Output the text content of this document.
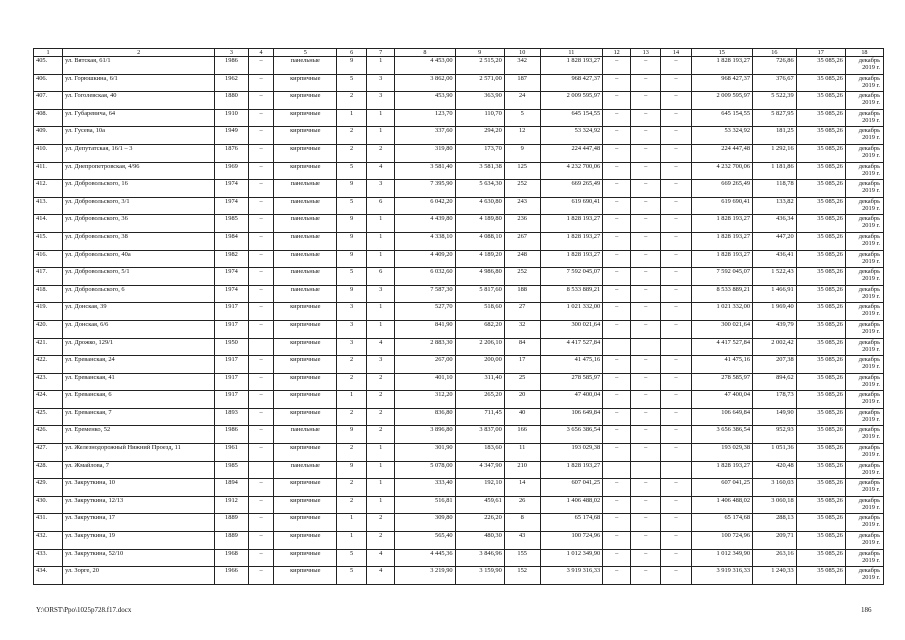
1	2	3	4	5	6	7	8	9	10	11	12	13	14	15	16	17	18
405.	ул. Вятская, 61/1	1986	–	панельные	9	1	4 453,00	2 515,20	342	1 828 193,27	–	–	–	1 828 193,27	726,86	35 085,26	декабрь 2019 г.
406.	ул. Горюшкина, 6/1	1962	–	кирпичные	5	3	3 862,00	2 571,00	187	968 427,37	–	–	–	968 427,37	376,67	35 085,26	декабрь 2019 г.
407.	ул. Гоголевская, 40	1880	–	кирпичные	2	3	453,90	363,90	24	2 009 595,97	–	–	–	2 009 595,97	5 522,39	35 085,26	декабрь 2019 г.
408.	ул. Губаревича, 64	1910	–	кирпичные	1	1	123,70	110,70	5	645 154,55	–	–	–	645 154,55	5 827,95	35 085,26	декабрь 2019 г.
409.	ул. Гусева, 10а	1949	–	кирпичные	2	1	337,60	294,20	12	53 324,92	–	–	–	53 324,92	181,25	35 085,26	декабрь 2019 г.
410.	ул. Депутатская, 16/1 – 3	1876	–	кирпичные	2	2	319,80	173,70	9	224 447,48	–	–	–	224 447,48	1 292,16	35 085,26	декабрь 2019 г.
411.	ул. Днепропетровская, 4/96	1969	–	кирпичные	5	4	3 581,40	3 581,38	125	4 232 700,06	–	–	–	4 232 700,06	1 181,86	35 085,26	декабрь 2019 г.
412.	ул. Добровольского, 16	1974	–	панельные	9	3	7 395,90	5 634,30	252	669 265,49	–	–	–	669 265,49	118,78	35 085,26	декабрь 2019 г.
413.	ул. Добровольского, 3/1	1974	–	панельные	5	6	6 042,20	4 630,80	243	619 690,41	–	–	–	619 690,41	133,82	35 085,26	декабрь 2019 г.
414.	ул. Добровольского, 36	1985	–	панельные	9	1	4 439,80	4 189,80	236	1 828 193,27	–	–	–	1 828 193,27	436,34	35 085,26	декабрь 2019 г.
415.	ул. Добровольского, 38	1984	–	панельные	9	1	4 338,10	4 088,10	267	1 828 193,27	–	–	–	1 828 193,27	447,20	35 085,26	декабрь 2019 г.
416.	ул. Добровольского, 40а	1982	–	панельные	9	1	4 409,20	4 189,20	248	1 828 193,27	–	–	–	1 828 193,27	436,41	35 085,26	декабрь 2019 г.
417.	ул. Добровольского, 5/1	1974	–	панельные	5	6	6 032,60	4 986,80	252	7 592 045,07	–	–	–	7 592 045,07	1 522,43	35 085,26	декабрь 2019 г.
418.	ул. Добровольского, 6	1974	–	панельные	9	3	7 587,30	5 817,60	188	8 533 889,21	–	–	–	8 533 889,21	1 466,91	35 085,26	декабрь 2019 г.
419.	ул. Донская, 39	1917	–	кирпичные	3	1	527,70	518,60	27	1 021 332,00	–	–	–	1 021 332,00	1 969,40	35 085,26	декабрь 2019 г.
420.	ул. Донская, 6/6	1917	–	кирпичные	3	1	841,90	682,20	32	300 021,64	–	–	–	300 021,64	439,79	35 085,26	декабрь 2019 г.
421.	ул. Дрожко, 129/1	1950		кирпичные	3	4	2 883,30	2 206,10	84	4 417 527,84				4 417 527,84	2 002,42	35 085,26	декабрь 2019 г.
422.	ул. Ереванская, 24	1917	–	кирпичные	2	3	267,00	200,00	17	41 475,16	–	–	–	41 475,16	207,38	35 085,26	декабрь 2019 г.
423.	ул. Ереванская, 41	1917	–	кирпичные	2	2	401,10	311,40	25	278 585,97	–	–	–	278 585,97	894,62	35 085,26	декабрь 2019 г.
424.	ул. Ереванская, 6	1917	–	кирпичные	1	2	312,20	265,20	20	47 400,04	–	–	–	47 400,04	178,73	35 085,26	декабрь 2019 г.
425.	ул. Ереванская, 7	1893	–	кирпичные	2	2	836,80	711,45	40	106 649,84	–	–	–	106 649,84	149,90	35 085,26	декабрь 2019 г.
426.	ул. Еременко, 52	1986	–	панельные	9	2	3 896,80	3 837,00	166	3 656 386,54	–	–	–	3 656 386,54	952,93	35 085,26	декабрь 2019 г.
427.	ул. Железнодорожный Нижний Проезд, 11	1961	–	кирпичные	2	1	301,90	183,60	11	193 029,38	–	–	–	193 029,38	1 051,36	35 085,26	декабрь 2019 г.
428.	ул. Жмайлова, 7	1985		панельные	9	1	5 078,00	4 347,90	210	1 828 193,27				1 828 193,27	420,48	35 085,26	декабрь 2019 г.
429.	ул. Закруткина, 10	1894	–	кирпичные	2	1	333,40	192,10	14	607 041,25	–	–	–	607 041,25	3 160,03	35 085,26	декабрь 2019 г.
430.	ул. Закруткина, 12/13	1912	–	кирпичные	2	1	516,81	459,61	26	1 406 488,02	–	–	–	1 406 488,02	3 060,18	35 085,26	декабрь 2019 г.
431.	ул. Закруткина, 17	1889	–	кирпичные	1	2	309,80	226,20	8	65 174,68	–	–	–	65 174,68	288,13	35 085,26	декабрь 2019 г.
432.	ул. Закруткина, 19	1889	–	кирпичные	1	2	565,40	480,30	43	100 724,96	–	–	–	100 724,96	209,71	35 085,26	декабрь 2019 г.
433.	ул. Закруткина, 52/10	1968	–	кирпичные	5	4	4 445,36	3 846,96	155	1 012 349,90	–	–	–	1 012 349,90	263,16	35 085,26	декабрь 2019 г.
434.	ул. Зорге, 20	1966	–	кирпичные	5	4	3 219,90	3 159,90	152	3 919 316,33	–	–	–	3 919 316,33	1 240,33	35 085,26	декабрь 2019 г.
Y:\ORST\Ppo\1025p728.f17.docx	186
